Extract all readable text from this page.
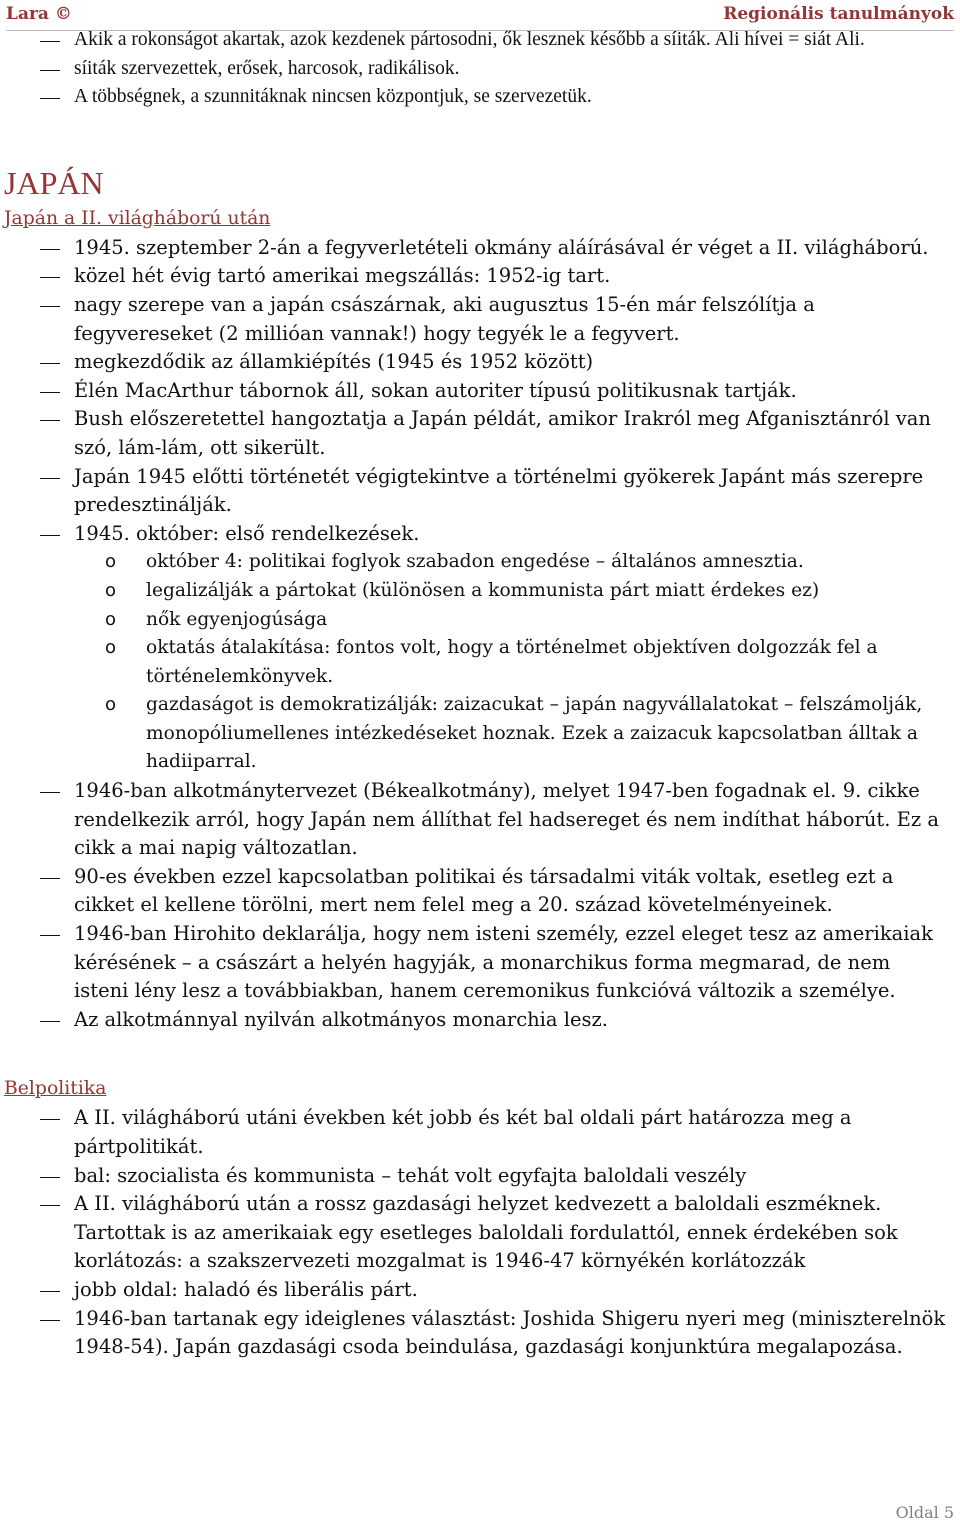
Lara ©	Regionális tanulmányok
Akik a rokonságot akartak, azok kezdenek pártosodni, ők lesznek később a síiták. Ali hívei = siát Ali.
síiták szervezettek, erősek, harcosok, radikálisok.
A többségnek, a szunnitáknak nincsen központjuk, se szervezetük.
JAPÁN
Japán a II. világháború után
1945. szeptember 2-án a fegyverletételi okmány aláírásával ér véget a II. világháború.
közel hét évig tartó amerikai megszállás: 1952-ig tart.
nagy szerepe van a japán császárnak, aki augusztus 15-én már felszólítja a fegyvereseket (2 millióan vannak!) hogy tegyék le a fegyvert.
megkezdődik az államkiépítés (1945 és 1952 között)
Élén MacArthur tábornok áll, sokan autoriter típusú politikusnak tartják.
Bush előszeretettel hangoztatja a Japán példát, amikor Irakról meg Afganisztánról van szó, lám-lám, ott sikerült.
Japán 1945 előtti történetét végigtekintve a történelmi gyökerek Japánt más szerepre predesztinálják.
1945. október: első rendelkezések.
o október 4: politikai foglyok szabadon engedése – általános amnesztia.
o legalizálják a pártokat (különösen a kommunista párt miatt érdekes ez)
o nők egyenjogúsága
o oktatás átalakítása: fontos volt, hogy a történelmet objektíven dolgozzák fel a történelemkönyvek.
o gazdaságot is demokratizálják: zaizacukat – japán nagyvállalatokat – felszámolják, monopóliumellenes intézkedéseket hoznak. Ezek a zaizacuk kapcsolatban álltak a hadiiparral.
1946-ban alkotmánytervezet (Békealkotmány), melyet 1947-ben fogadnak el. 9. cikke rendelkezik arról, hogy Japán nem állíthat fel hadsereget és nem indíthat háborút. Ez a cikk a mai napig változatlan.
90-es években ezzel kapcsolatban politikai és társadalmi viták voltak, esetleg ezt a cikket el kellene törölni, mert nem felel meg a 20. század követelményeinek.
1946-ban Hirohito deklarálja, hogy nem isteni személy, ezzel eleget tesz az amerikaiak kérésének – a császárt a helyén hagyják, a monarchikus forma megmarad, de nem isteni lény lesz a továbbiakban, hanem ceremonikus funkcióvá változik a személye.
Az alkotmánnyal nyilván alkotmányos monarchia lesz.
Belpolitika
A II. világháború utáni években két jobb és két bal oldali párt határozza meg a pártpolitikát.
bal: szocialista és kommunista – tehát volt egyfajta baloldali veszély
A II. világháború után a rossz gazdasági helyzet kedvezett a baloldali eszméknek. Tartottak is az amerikaiak egy esetleges baloldali fordulattól, ennek érdekében sok korlátozás: a szakszervezeti mozgalmat is 1946-47 környékén korlátozzák
jobb oldal: haladó és liberális párt.
1946-ban tartanak egy ideiglenes választást: Joshida Shigeru nyeri meg (miniszterelnök 1948-54). Japán gazdasági csoda beindulása, gazdasági konjunktúra megalapozása.
Oldal 5
